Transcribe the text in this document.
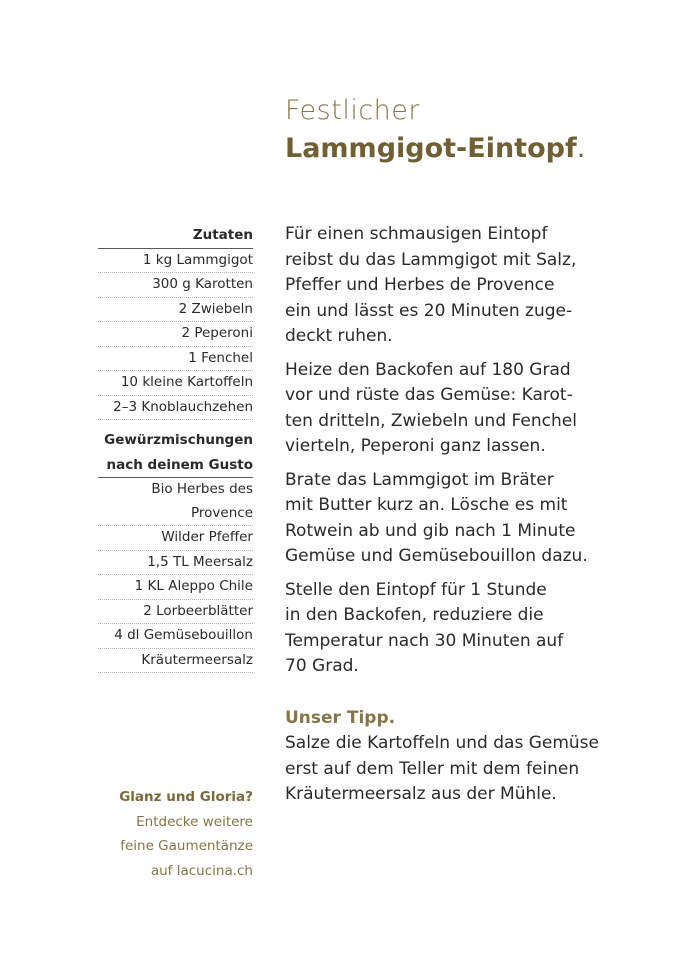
Festlicher
Lammgigot-Eintopf.
Zutaten
1 kg Lammgigot
300 g Karotten
2 Zwiebeln
2 Peperoni
1 Fenchel
10 kleine Kartoffeln
2–3 Knoblauchzehen
Gewürzmischungen
nach deinem Gusto
Bio Herbes des
Provence
Wilder Pfeffer
1,5 TL Meersalz
1 KL Aleppo Chile
2 Lorbeerblätter
4 dl Gemüsebouillon
Kräutermeersalz
Glanz und Gloria?
Entdecke weitere
feine Gaumentänze
auf lacucina.ch

Für einen schmausigen Eintopf
reibst du das Lammgigot mit Salz,
Pfeffer und Herbes de Provence
ein und lässt es 20 Minuten zuge-
deckt ruhen.

Heize den Backofen auf 180 Grad
vor und rüste das Gemüse: Karot-
ten dritteln, Zwiebeln und Fenchel
vierteln, Peperoni ganz lassen.

Brate das Lammgigot im Bräter
mit Butter kurz an. Lösche es mit
Rotwein ab und gib nach 1 Minute
Gemüse und Gemüsebouillon dazu.

Stelle den Eintopf für 1 Stunde
in den Backofen, reduziere die
Temperatur nach 30 Minuten auf
70 Grad.

Unser Tipp.

Salze die Kartoffeln und das Gemüse
erst auf dem Teller mit dem feinen
Kräutermeersalz aus der Mühle.
